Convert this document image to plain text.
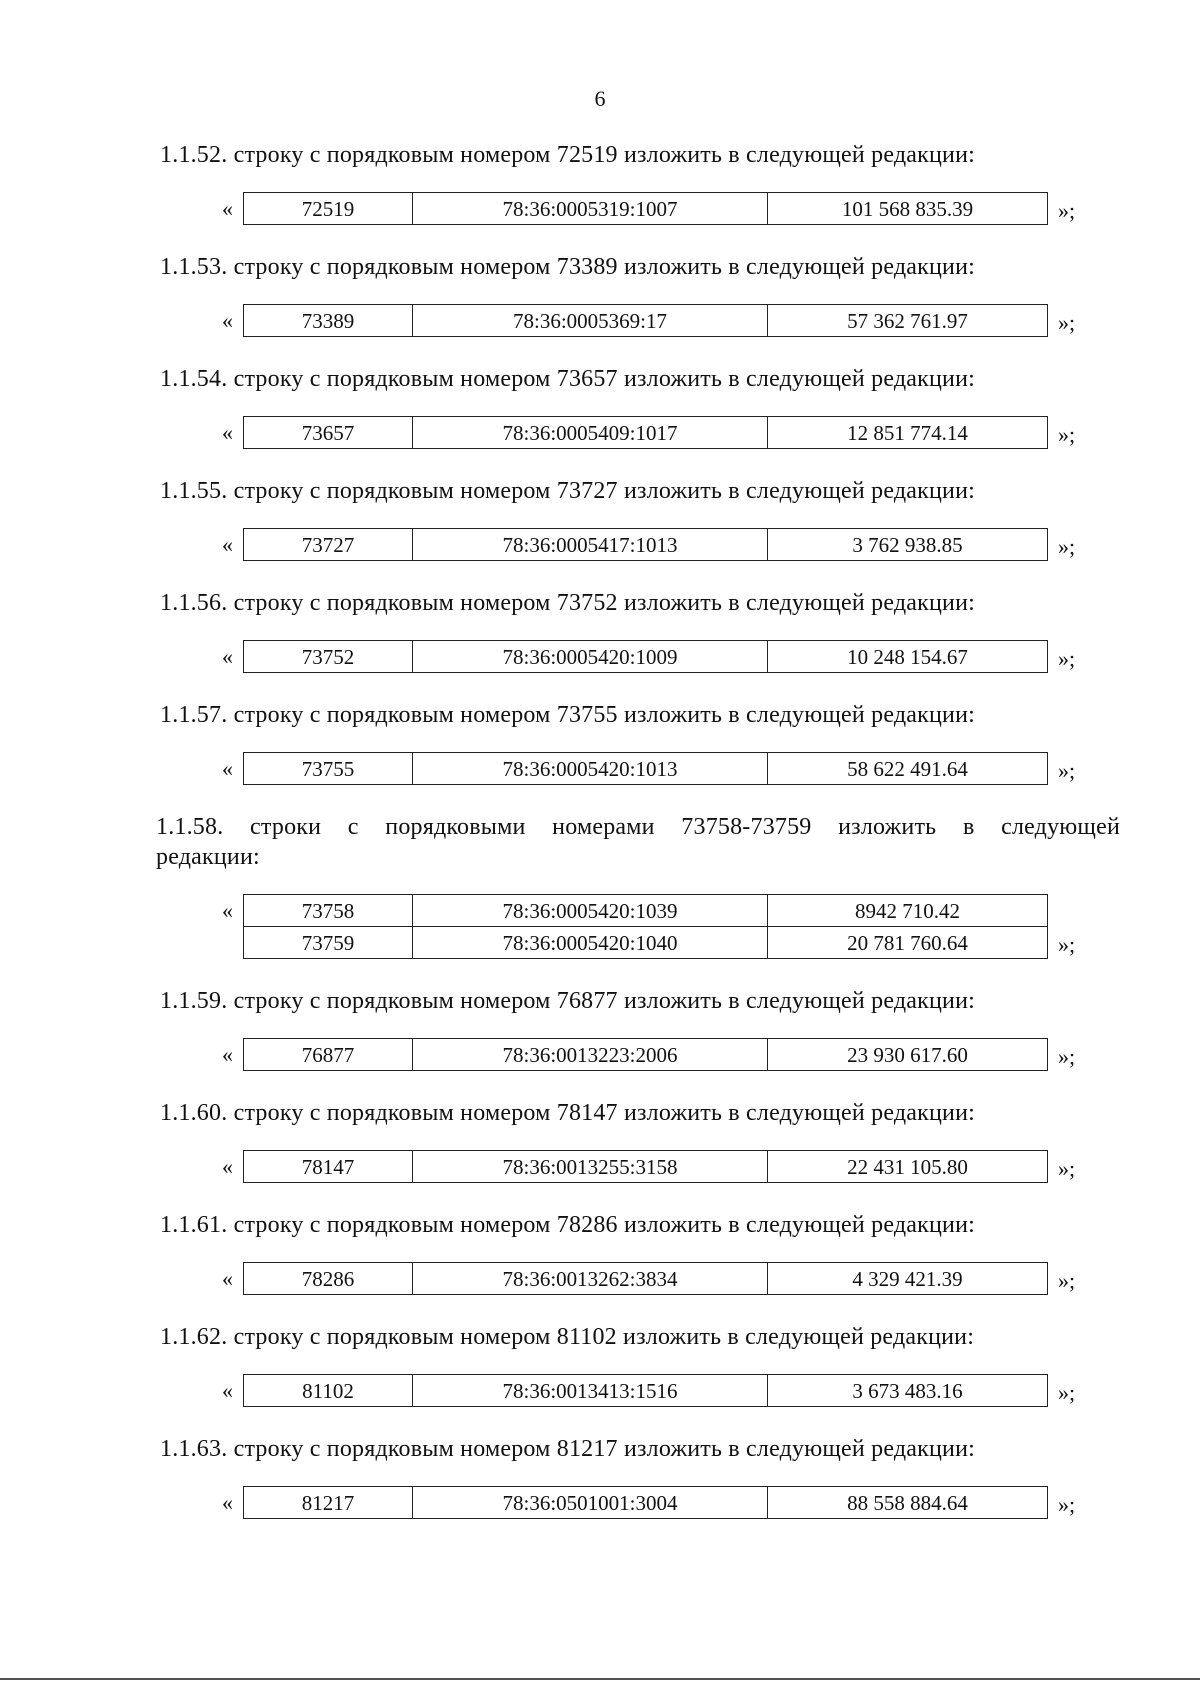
6

1.1.52. строку с порядковым номером 72519 изложить в следующей редакции:

«	72519	78:36:0005319:1007	101 568 835.39	»;

1.1.53. строку с порядковым номером 73389 изложить в следующей редакции:

«	73389	78:36:0005369:17	57 362 761.97	»;

1.1.54. строку с порядковым номером 73657 изложить в следующей редакции:

«	73657	78:36:0005409:1017	12 851 774.14	»;

1.1.55. строку с порядковым номером 73727 изложить в следующей редакции:

«	73727	78:36:0005417:1013	3 762 938.85	»;

1.1.56. строку с порядковым номером 73752 изложить в следующей редакции:

«	73752	78:36:0005420:1009	10 248 154.67	»;

1.1.57. строку с порядковым номером 73755 изложить в следующей редакции:

«	73755	78:36:0005420:1013	58 622 491.64	»;

1.1.58. строки с порядковыми номерами 73758-73759 изложить в следующей редакции:

«	73758	78:36:0005420:1039	8942 710.42
73759	78:36:0005420:1040	20 781 760.64	»;

1.1.59. строку с порядковым номером 76877 изложить в следующей редакции:

«	76877	78:36:0013223:2006	23 930 617.60	»;

1.1.60. строку с порядковым номером 78147 изложить в следующей редакции:

«	78147	78:36:0013255:3158	22 431 105.80	»;

1.1.61. строку с порядковым номером 78286 изложить в следующей редакции:

«	78286	78:36:0013262:3834	4 329 421.39	»;

1.1.62. строку с порядковым номером 81102 изложить в следующей редакции:

«	81102	78:36:0013413:1516	3 673 483.16	»;

1.1.63. строку с порядковым номером 81217 изложить в следующей редакции:

«	81217	78:36:0501001:3004	88 558 884.64	»;
